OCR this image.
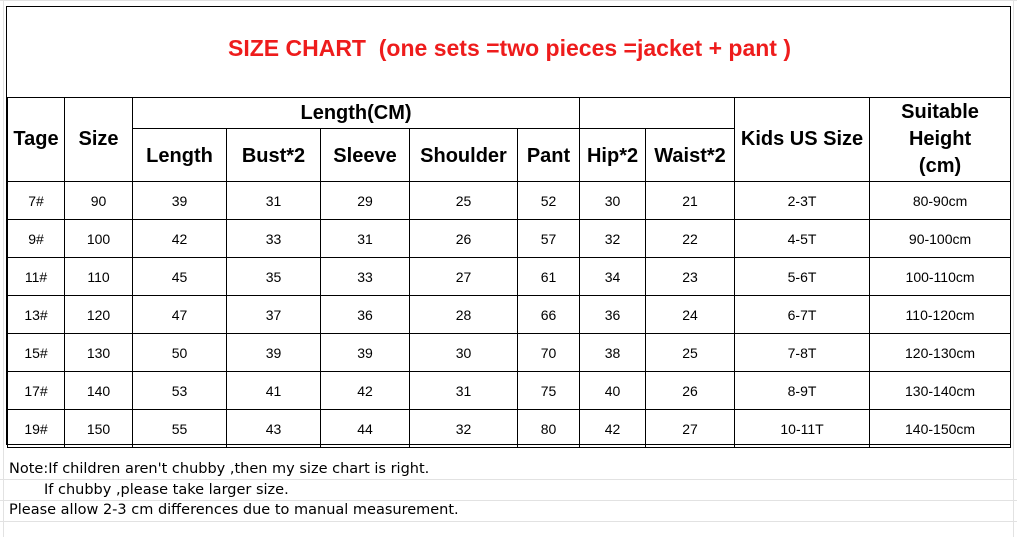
SIZE CHART  (one sets =two pieces =jacket + pant )
Tage	Size	Length(CM)							Kids US Size	Suitable Height (cm)
		Length	Bust*2	Sleeve	Shoulder	Pant	Hip*2	Waist*2		
7#	90	39	31	29	25	52	30	21	2-3T	80-90cm
9#	100	42	33	31	26	57	32	22	4-5T	90-100cm
11#	110	45	35	33	27	61	34	23	5-6T	100-110cm
13#	120	47	37	36	28	66	36	24	6-7T	110-120cm
15#	130	50	39	39	30	70	38	25	7-8T	120-130cm
17#	140	53	41	42	31	75	40	26	8-9T	130-140cm
19#	150	55	43	44	32	80	42	27	10-11T	140-150cm
Note:If children aren't chubby ,then my size chart is right.
If chubby ,please take larger size.
Please allow 2-3 cm differences due to manual measurement.
